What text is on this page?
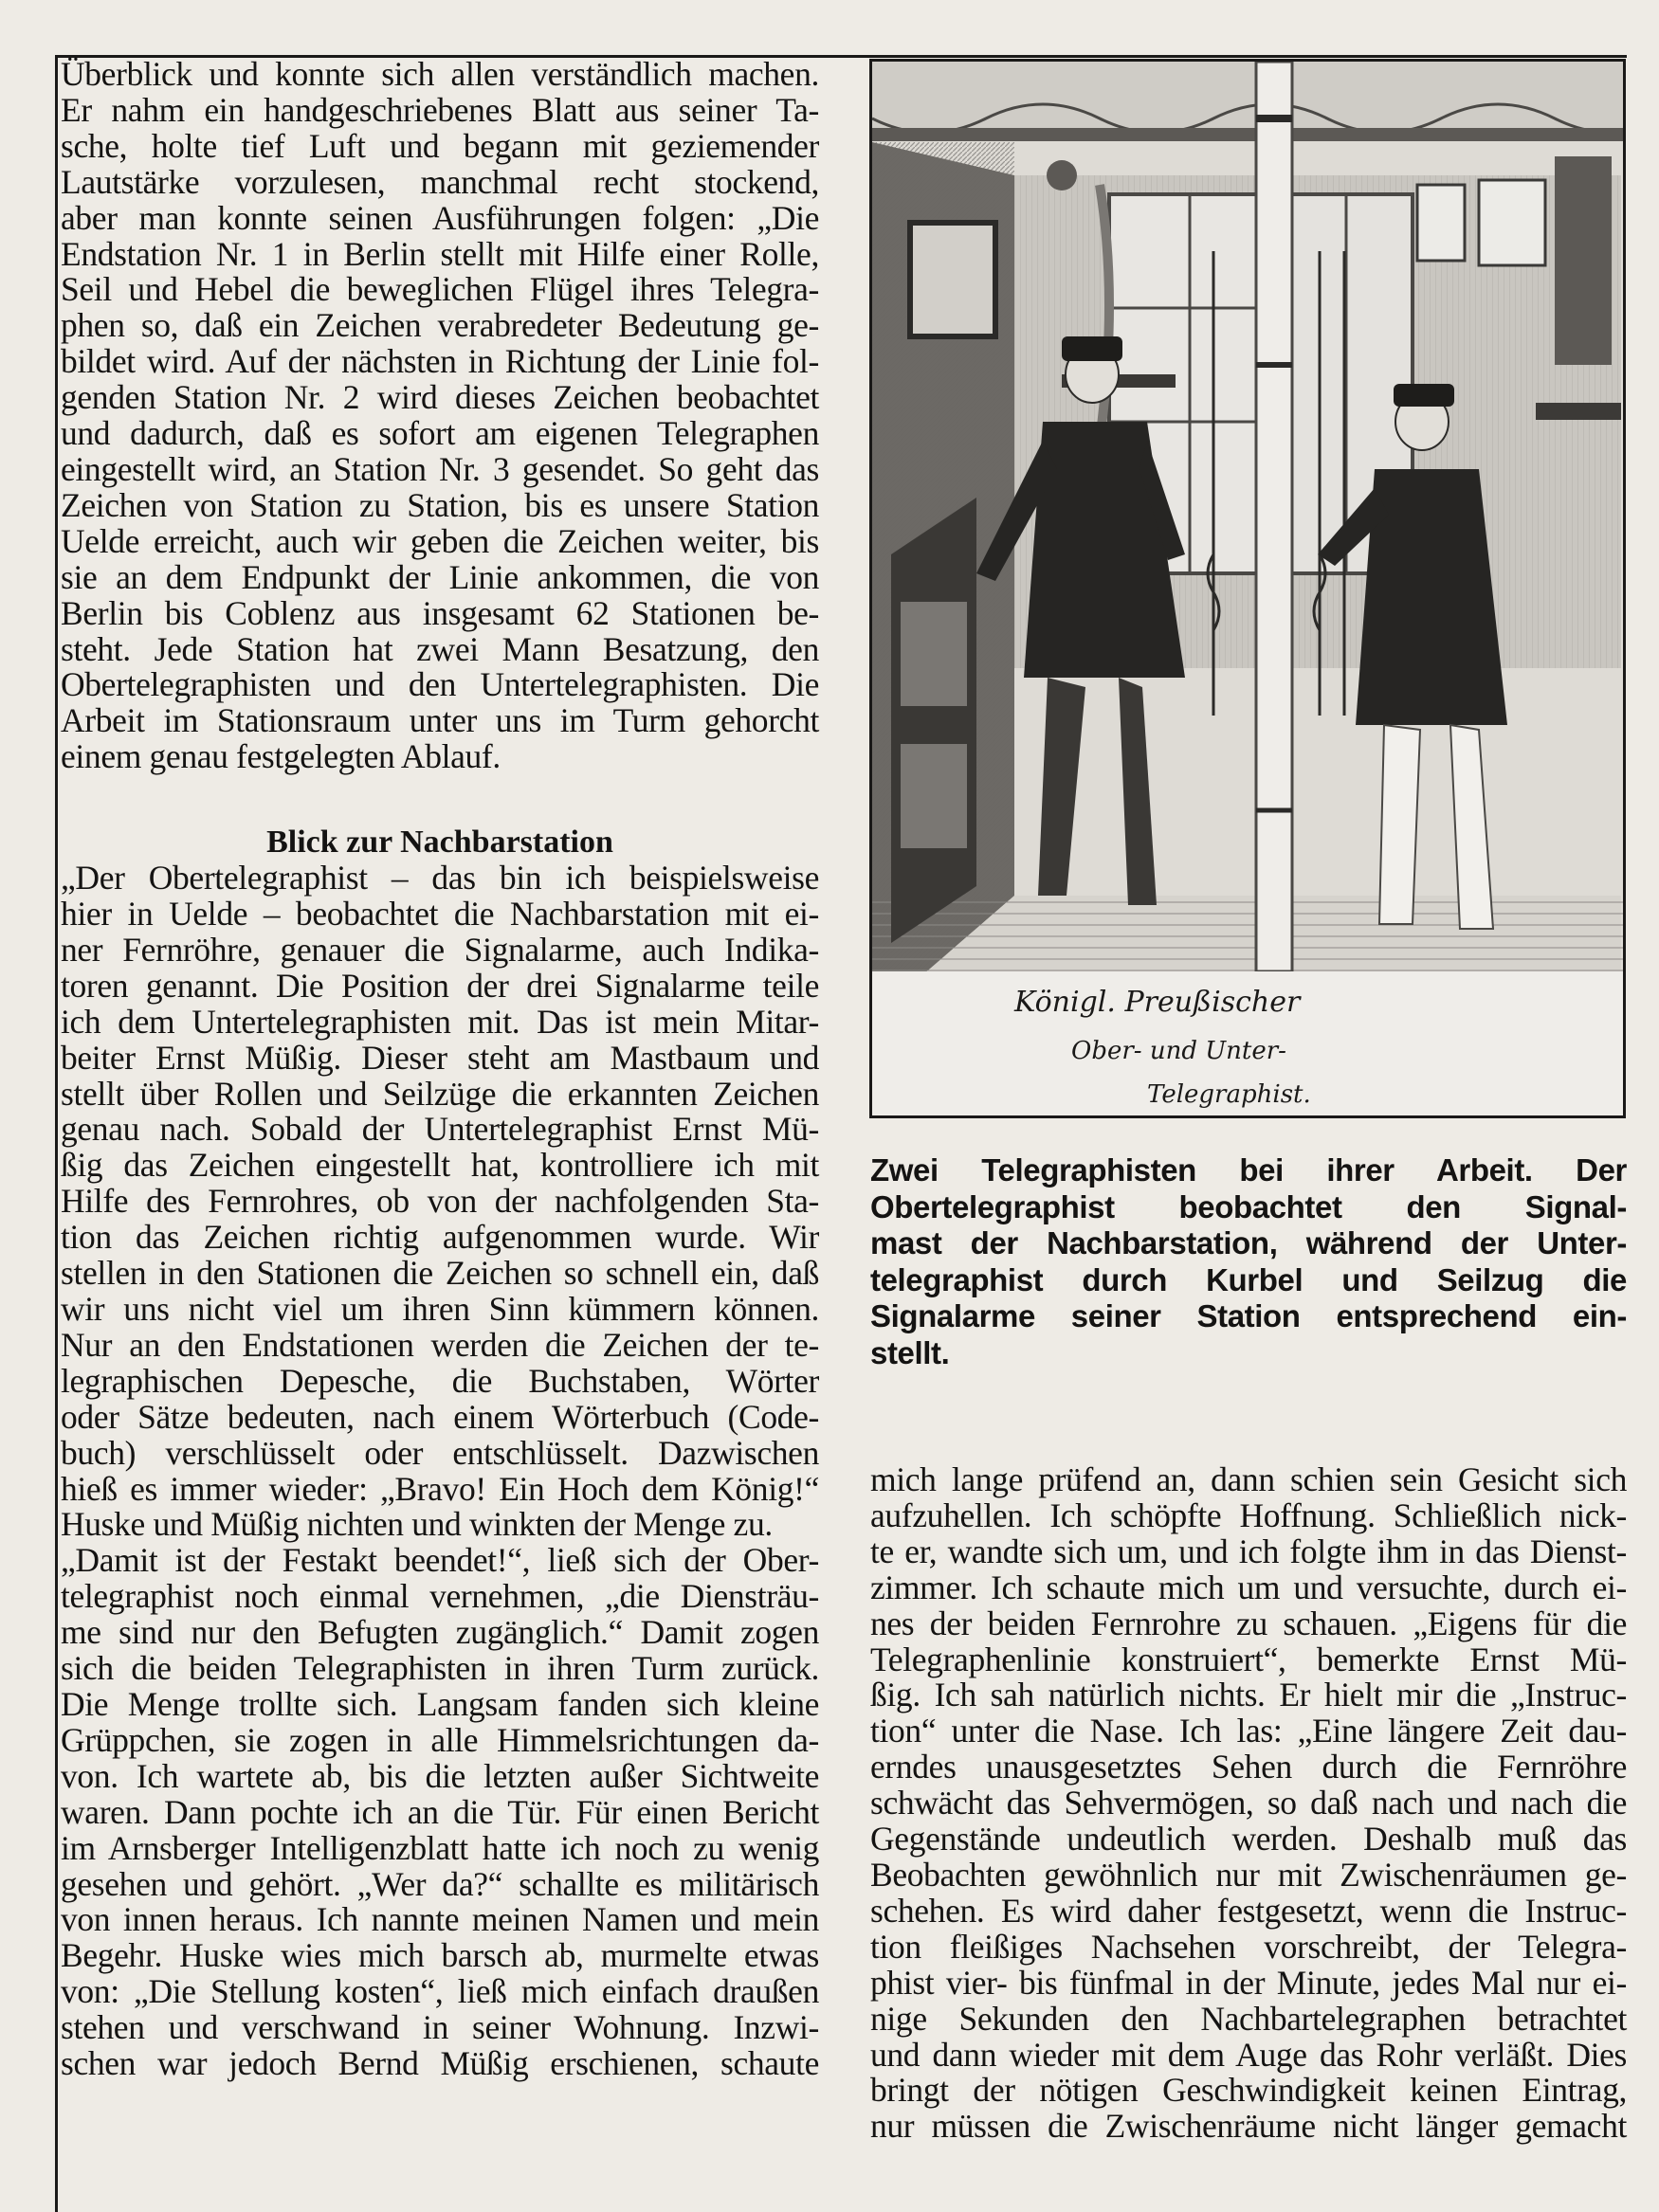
Überblick und konnte sich allen verständlich machen.
Er nahm ein handgeschriebenes Blatt aus seiner Ta-
sche, holte tief Luft und begann mit geziemender
Lautstärke vorzulesen, manchmal recht stockend,
aber man konnte seinen Ausführungen folgen: „Die
Endstation Nr. 1 in Berlin stellt mit Hilfe einer Rolle,
Seil und Hebel die beweglichen Flügel ihres Telegra-
phen so, daß ein Zeichen verabredeter Bedeutung ge-
bildet wird. Auf der nächsten in Richtung der Linie fol-
genden Station Nr. 2 wird dieses Zeichen beobachtet
und dadurch, daß es sofort am eigenen Telegraphen
eingestellt wird, an Station Nr. 3 gesendet. So geht das
Zeichen von Station zu Station, bis es unsere Station
Uelde erreicht, auch wir geben die Zeichen weiter, bis
sie an dem Endpunkt der Linie ankommen, die von
Berlin bis Coblenz aus insgesamt 62 Stationen be-
steht. Jede Station hat zwei Mann Besatzung, den
Obertelegraphisten und den Untertelegraphisten. Die
Arbeit im Stationsraum unter uns im Turm gehorcht
einem genau festgelegten Ablauf.
Blick zur Nachbarstation
„Der Obertelegraphist – das bin ich beispielsweise
hier in Uelde – beobachtet die Nachbarstation mit ei-
ner Fernröhre, genauer die Signalarme, auch Indika-
toren genannt. Die Position der drei Signalarme teile
ich dem Untertelegraphisten mit. Das ist mein Mitar-
beiter Ernst Müßig. Dieser steht am Mastbaum und
stellt über Rollen und Seilzüge die erkannten Zeichen
genau nach. Sobald der Untertelegraphist Ernst Mü-
ßig das Zeichen eingestellt hat, kontrolliere ich mit
Hilfe des Fernrohres, ob von der nachfolgenden Sta-
tion das Zeichen richtig aufgenommen wurde. Wir
stellen in den Stationen die Zeichen so schnell ein, daß
wir uns nicht viel um ihren Sinn kümmern können.
Nur an den Endstationen werden die Zeichen der te-
legraphischen Depesche, die Buchstaben, Wörter
oder Sätze bedeuten, nach einem Wörterbuch (Code-
buch) verschlüsselt oder entschlüsselt. Dazwischen
hieß es immer wieder: „Bravo! Ein Hoch dem König!“
Huske und Müßig nichten und winkten der Menge zu.
„Damit ist der Festakt beendet!“, ließ sich der Ober-
telegraphist noch einmal vernehmen, „die Diensträu-
me sind nur den Befugten zugänglich.“ Damit zogen
sich die beiden Telegraphisten in ihren Turm zurück.
Die Menge trollte sich. Langsam fanden sich kleine
Grüppchen, sie zogen in alle Himmelsrichtungen da-
von. Ich wartete ab, bis die letzten außer Sichtweite
waren. Dann pochte ich an die Tür. Für einen Bericht
im Arnsberger Intelligenzblatt hatte ich noch zu wenig
gesehen und gehört. „Wer da?“ schallte es militärisch
von innen heraus. Ich nannte meinen Namen und mein
Begehr. Huske wies mich barsch ab, murmelte etwas
von: „Die Stellung kosten“, ließ mich einfach draußen
stehen und verschwand in seiner Wohnung. Inzwi-
schen war jedoch Bernd Müßig erschienen, schaute
Königl. Preußischer
Ober- und Unter-
Telegraphist.
Zwei Telegraphisten bei ihrer Arbeit. Der
Obertelegraphist beobachtet den Signal-
mast der Nachbarstation, während der Unter-
telegraphist durch Kurbel und Seilzug die
Signalarme seiner Station entsprechend ein-
stellt.
mich lange prüfend an, dann schien sein Gesicht sich
aufzuhellen. Ich schöpfte Hoffnung. Schließlich nick-
te er, wandte sich um, und ich folgte ihm in das Dienst-
zimmer. Ich schaute mich um und versuchte, durch ei-
nes der beiden Fernrohre zu schauen. „Eigens für die
Telegraphenlinie konstruiert“, bemerkte Ernst Mü-
ßig. Ich sah natürlich nichts. Er hielt mir die „Instruc-
tion“ unter die Nase. Ich las: „Eine längere Zeit dau-
erndes unausgesetztes Sehen durch die Fernröhre
schwächt das Sehvermögen, so daß nach und nach die
Gegenstände undeutlich werden. Deshalb muß das
Beobachten gewöhnlich nur mit Zwischenräumen ge-
schehen. Es wird daher festgesetzt, wenn die Instruc-
tion fleißiges Nachsehen vorschreibt, der Telegra-
phist vier- bis fünfmal in der Minute, jedes Mal nur ei-
nige Sekunden den Nachbartelegraphen betrachtet
und dann wieder mit dem Auge das Rohr verläßt. Dies
bringt der nötigen Geschwindigkeit keinen Eintrag,
nur müssen die Zwischenräume nicht länger gemacht
